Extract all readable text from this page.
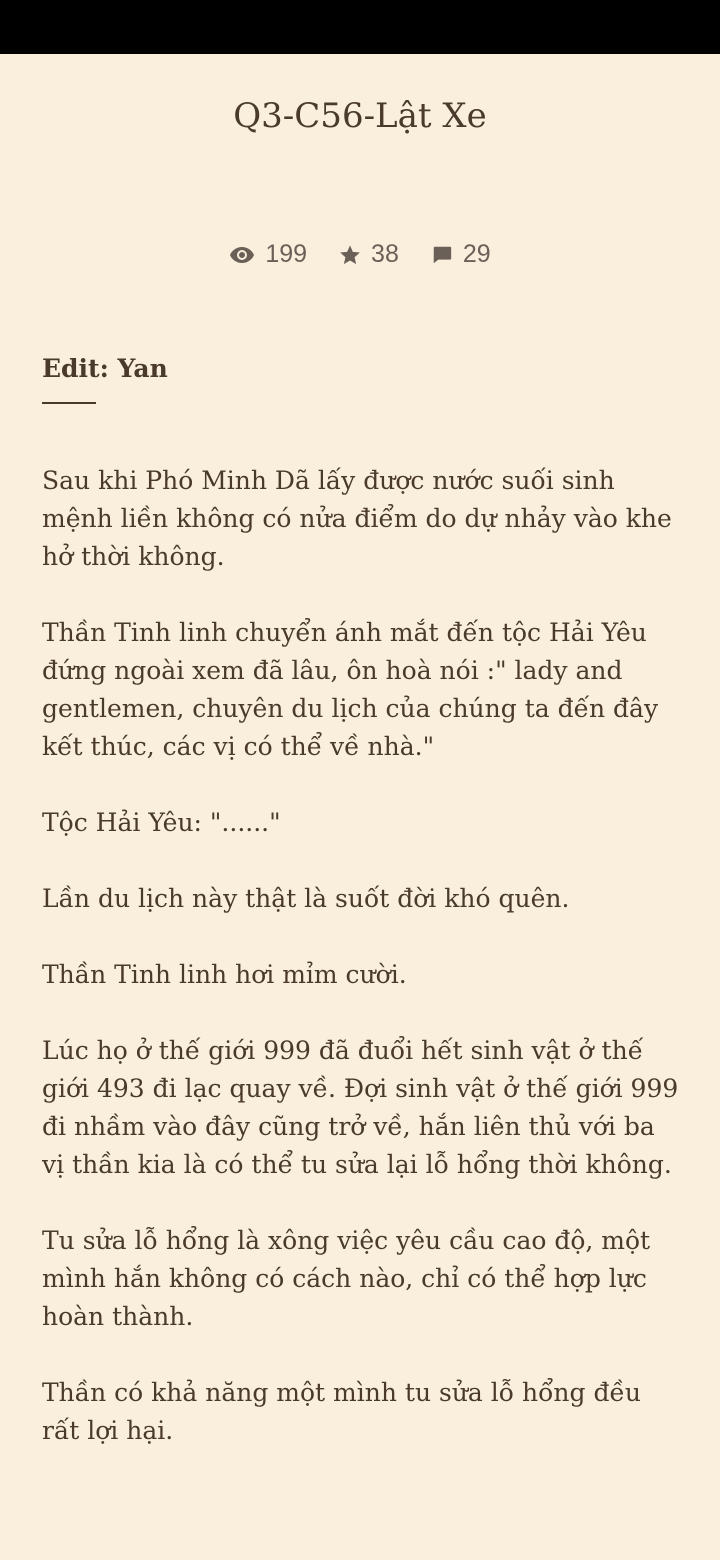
Q3-C56-Lật Xe
199	38	29

Edit: Yan

Sau khi Phó Minh Dã lấy được nước suối sinh mệnh liền không có nửa điểm do dự nhảy vào khe hở thời không.

Thần Tinh linh chuyển ánh mắt đến tộc Hải Yêu đứng ngoài xem đã lâu, ôn hoà nói :" lady and gentlemen, chuyên du lịch của chúng ta đến đây kết thúc, các vị có thể về nhà."

Tộc Hải Yêu: "......"

Lần du lịch này thật là suốt đời khó quên.

Thần Tinh linh hơi mỉm cười.

Lúc họ ở thế giới 999 đã đuổi hết sinh vật ở thế giới 493 đi lạc quay về. Đợi sinh vật ở thế giới 999 đi nhầm vào đây cũng trở về, hắn liên thủ với ba vị thần kia là có thể tu sửa lại lỗ hổng thời không.

Tu sửa lỗ hổng là xông việc yêu cầu cao độ, một mình hắn không có cách nào, chỉ có thể hợp lực hoàn thành.

Thần có khả năng một mình tu sửa lỗ hổng đều rất lợi hại.
